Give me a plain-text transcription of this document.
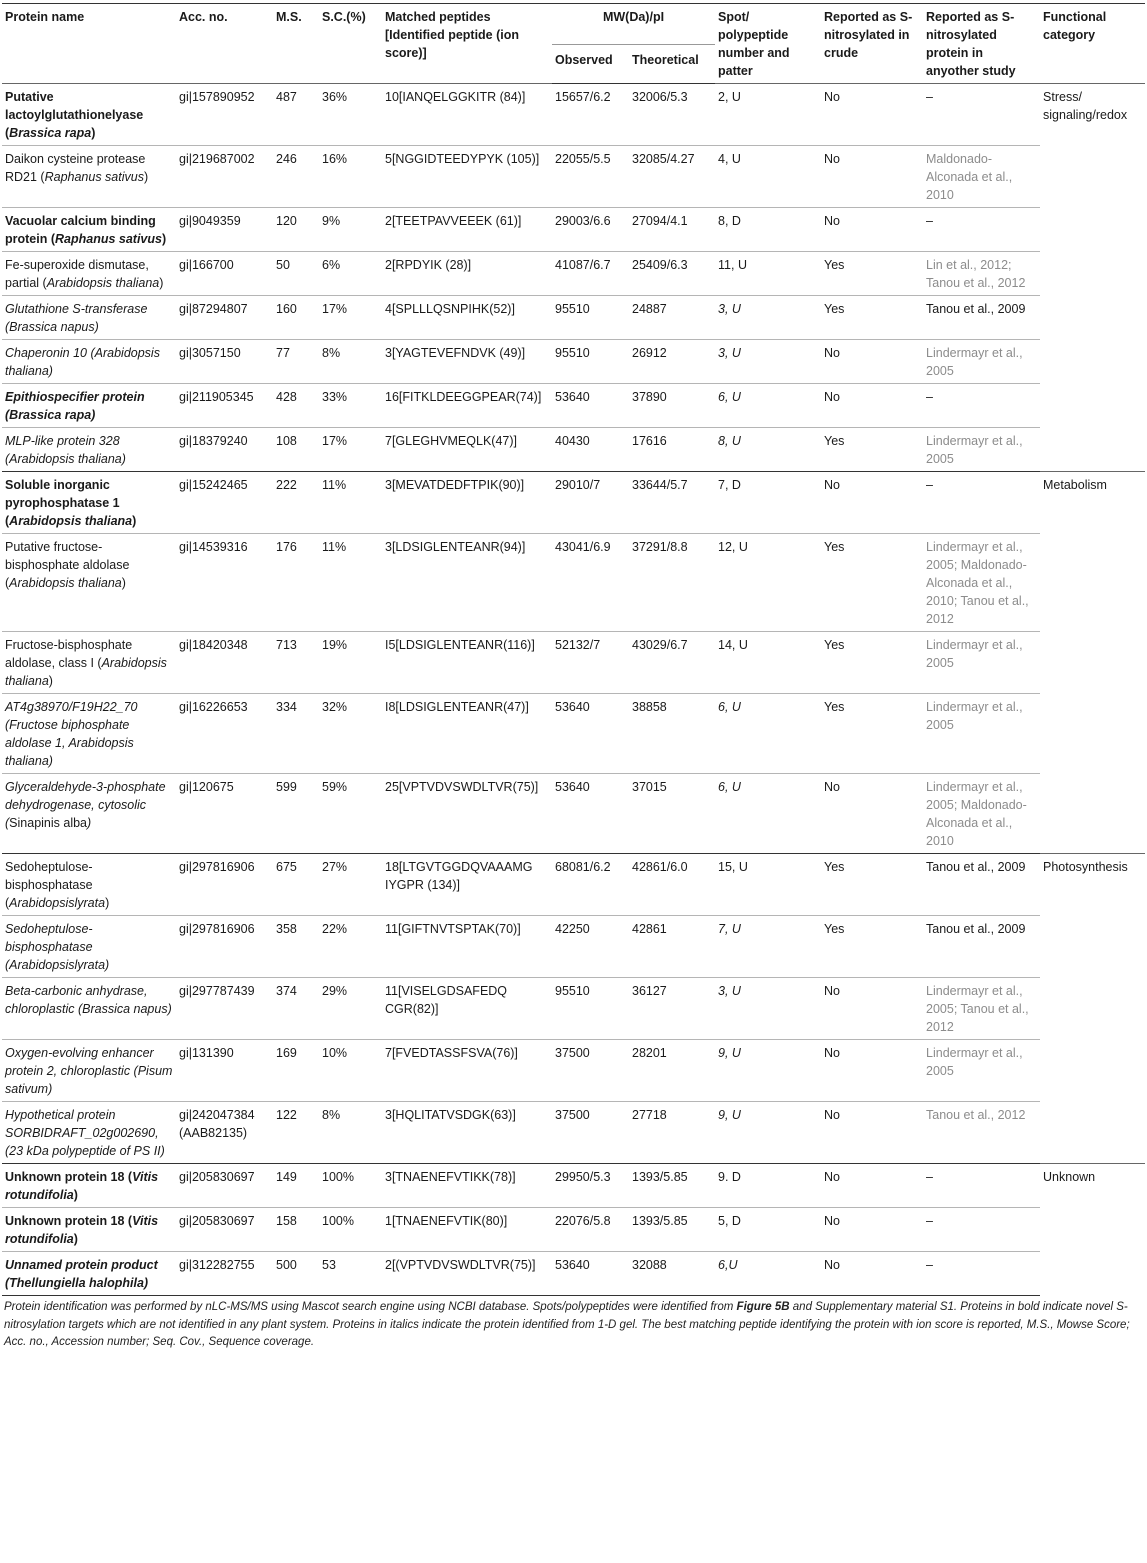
Protein name	Acc. no.	M.S.	S.C.(%)	Matched peptides [Identified peptide (ion score)]	MW(Da)/pI		Spot/ polypeptide number and patter	Reported as S-nitrosylated in crude	Reported as S-nitrosylated protein in anyother study	Functional category
					Observed	Theoretical				
Putative lactoylglutathionelyase (Brassica rapa)	gi|157890952	487	36%	10[IANQELGGKITR (84)]	15657/6.2	32006/5.3	2, U	No	–	Stress/ signaling/redox
Daikon cysteine protease RD21 (Raphanus sativus)	gi|219687002	246	16%	5[NGGIDTEEDYPYK (105)]	22055/5.5	32085/4.27	4, U	No	Maldonado-Alconada et al., 2010	
Vacuolar calcium binding protein (Raphanus sativus)	gi|9049359	120	9%	2[TEETPAVVEEEK (61)]	29003/6.6	27094/4.1	8, D	No	–	
Fe-superoxide dismutase, partial (Arabidopsis thaliana)	gi|166700	50	6%	2[RPDYIK (28)]	41087/6.7	25409/6.3	11, U	Yes	Lin et al., 2012; Tanou et al., 2012	
Glutathione S-transferase (Brassica napus)	gi|87294807	160	17%	4[SPLLLQSNPIHK(52)]	95510	24887	3, U	Yes	Tanou et al., 2009	
Chaperonin 10 (Arabidopsis thaliana)	gi|3057150	77	8%	3[YAGTEVEFNDVK (49)]	95510	26912	3, U	No	Lindermayr et al., 2005	
Epithiospecifier protein (Brassica rapa)	gi|211905345	428	33%	16[FITKLDEEGGPEAR(74)]	53640	37890	6, U	No	–	
MLP-like protein 328 (Arabidopsis thaliana)	gi|18379240	108	17%	7[GLEGHVMEQLK(47)]	40430	17616	8, U	Yes	Lindermayr et al., 2005	
Soluble inorganic pyrophosphatase 1 (Arabidopsis thaliana)	gi|15242465	222	11%	3[MEVATDEDFTPIK(90)]	29010/7	33644/5.7	7, D	No	–	Metabolism
Putative fructose-bisphosphate aldolase (Arabidopsis thaliana)	gi|14539316	176	11%	3[LDSIGLENTEANR(94)]	43041/6.9	37291/8.8	12, U	Yes	Lindermayr et al., 2005; Maldonado-Alconada et al., 2010; Tanou et al., 2012	
Fructose-bisphosphate aldolase, class I (Arabidopsis thaliana)	gi|18420348	713	19%	I5[LDSIGLENTEANR(116)]	52132/7	43029/6.7	14, U	Yes	Lindermayr et al., 2005	
AT4g38970/F19H22_70 (Fructose biphosphate aldolase 1, Arabidopsis thaliana)	gi|16226653	334	32%	I8[LDSIGLENTEANR(47)]	53640	38858	6, U	Yes	Lindermayr et al., 2005	
Glyceraldehyde-3-phosphate dehydrogenase, cytosolic (Sinapinis alba)	gi|120675	599	59%	25[VPTVDVSWDLTVR(75)]	53640	37015	6, U	No	Lindermayr et al., 2005; Maldonado-Alconada et al., 2010	
Sedoheptulose-bisphosphatase (Arabidopsislyrata)	gi|297816906	675	27%	18[LTGVTGGDQVAAAMG IYGPR (134)]	68081/6.2	42861/6.0	15, U	Yes	Tanou et al., 2009	Photosynthesis
Sedoheptulose-bisphosphatase (Arabidopsislyrata)	gi|297816906	358	22%	11[GIFTNVTSPTAK(70)]	42250	42861	7, U	Yes	Tanou et al., 2009	
Beta-carbonic anhydrase, chloroplastic (Brassica napus)	gi|297787439	374	29%	11[VISELGDSAFEDQ CGR(82)]	95510	36127	3, U	No	Lindermayr et al., 2005; Tanou et al., 2012	
Oxygen-evolving enhancer protein 2, chloroplastic (Pisum sativum)	gi|131390	169	10%	7[FVEDTASSFSVA(76)]	37500	28201	9, U	No	Lindermayr et al., 2005	
Hypothetical protein SORBIDRAFT_02g002690, (23 kDa polypeptide of PS II)	gi|242047384 (AAB82135)	122	8%	3[HQLITATVSDGK(63)]	37500	27718	9, U	No	Tanou et al., 2012	
Unknown protein 18 (Vitis rotundifolia)	gi|205830697	149	100%	3[TNAENEFVTIKK(78)]	29950/5.3	1393/5.85	9. D	No	–	Unknown
Unknown protein 18 (Vitis rotundifolia)	gi|205830697	158	100%	1[TNAENEFVTIK(80)]	22076/5.8	1393/5.85	5, D	No	–	
Unnamed protein product (Thellungiella halophila)	gi|312282755	500	53	2[(VPTVDVSWDLTVR(75)]	53640	32088	6,U	No	–	
Protein identification was performed by nLC-MS/MS using Mascot search engine using NCBI database. Spots/polypeptides were identified from Figure 5B and Supplementary material S1. Proteins in bold indicate novel S-nitrosylation targets which are not identified in any plant system. Proteins in italics indicate the protein identified from 1-D gel. The best matching peptide identifying the protein with ion score is reported, M.S., Mowse Score; Acc. no., Accession number; Seq. Cov., Sequence coverage.
